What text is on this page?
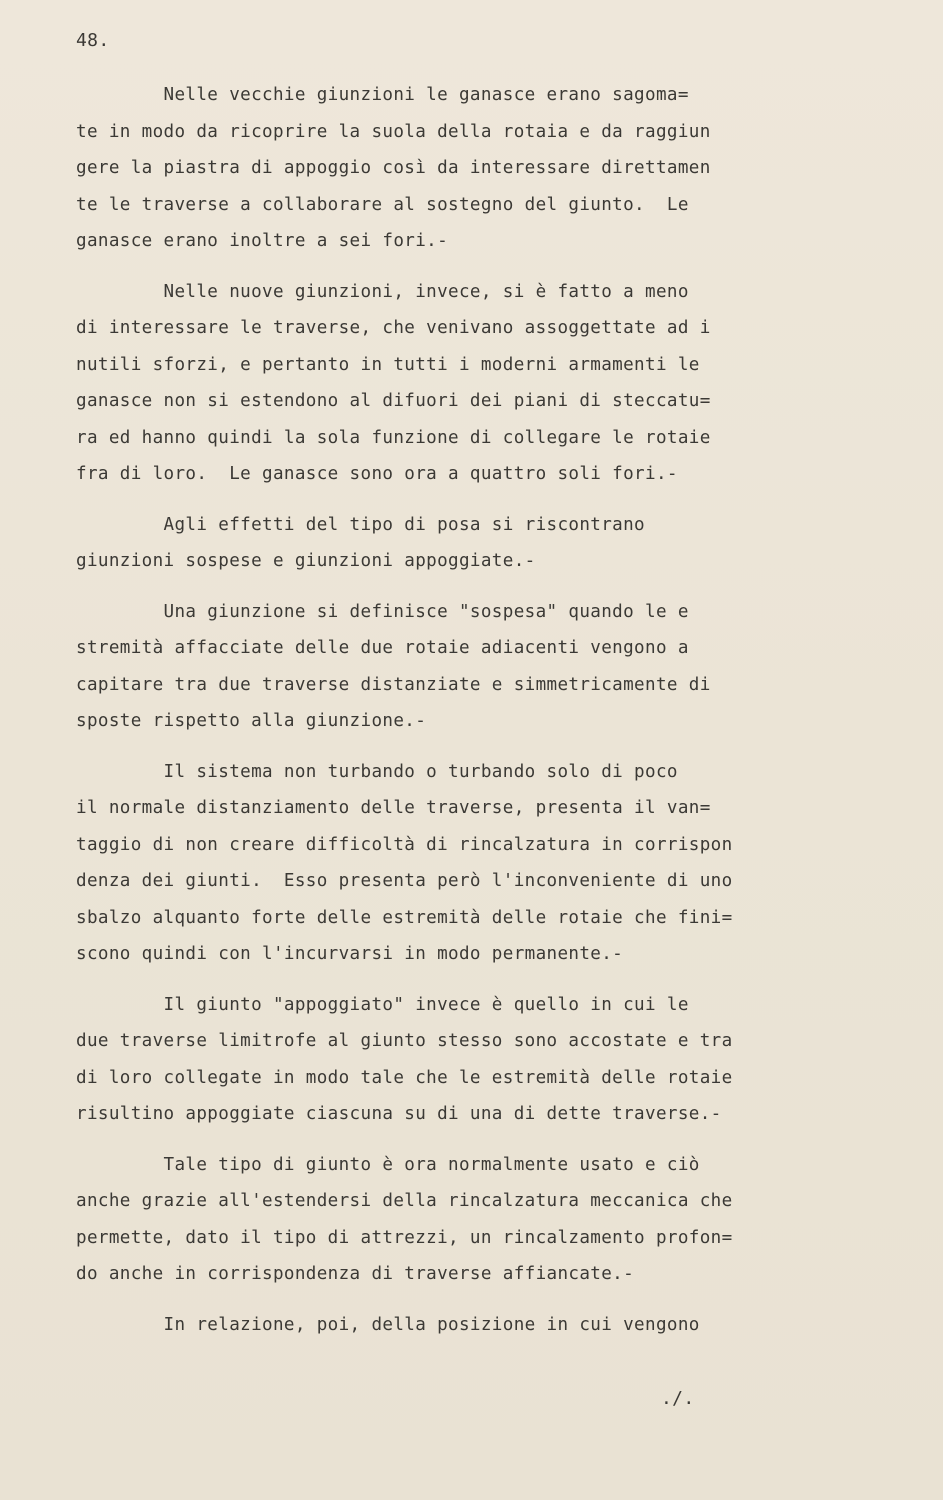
48.
Nelle vecchie giunzioni le ganasce erano sagoma=
te in modo da ricoprire la suola della rotaia e da raggiun
gere la piastra di appoggio così da interessare direttamen
te le traverse a collaborare al sostegno del giunto.  Le
ganasce erano inoltre a sei fori.-
Nelle nuove giunzioni, invece, si è fatto a meno
di interessare le traverse, che venivano assoggettate ad i
nutili sforzi, e pertanto in tutti i moderni armamenti le
ganasce non si estendono al difuori dei piani di steccatu=
ra ed hanno quindi la sola funzione di collegare le rotaie
fra di loro.  Le ganasce sono ora a quattro soli fori.-
Agli effetti del tipo di posa si riscontrano
giunzioni sospese e giunzioni appoggiate.-
Una giunzione si definisce "sospesa" quando le e
stremità affacciate delle due rotaie adiacenti vengono a
capitare tra due traverse distanziate e simmetricamente di
sposte rispetto alla giunzione.-
Il sistema non turbando o turbando solo di poco
il normale distanziamento delle traverse, presenta il van=
taggio di non creare difficoltà di rincalzatura in corrispon
denza dei giunti.  Esso presenta però l'inconveniente di uno
sbalzo alquanto forte delle estremità delle rotaie che fini=
scono quindi con l'incurvarsi in modo permanente.-
Il giunto "appoggiato" invece è quello in cui le
due traverse limitrofe al giunto stesso sono accostate e tra
di loro collegate in modo tale che le estremità delle rotaie
risultino appoggiate ciascuna su di una di dette traverse.-
Tale tipo di giunto è ora normalmente usato e ciò
anche grazie all'estendersi della rincalzatura meccanica che
permette, dato il tipo di attrezzi, un rincalzamento profon=
do anche in corrispondenza di traverse affiancate.-
In relazione, poi, della posizione in cui vengono
./.
